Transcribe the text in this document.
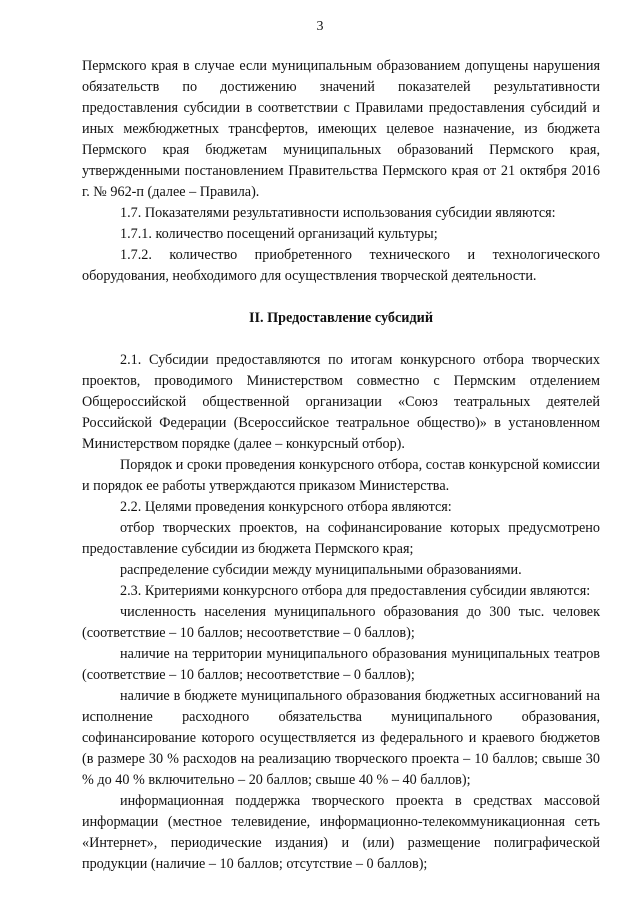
3

Пермского края в случае если муниципальным образованием допущены нарушения обязательств по достижению значений показателей результативности предоставления субсидии в соответствии с Правилами предоставления субсидий и иных межбюджетных трансфертов, имеющих целевое назначение, из бюджета Пермского края бюджетам муниципальных образований Пермского края, утвержденными постановлением Правительства Пермского края от 21 октября 2016 г. № 962-п (далее – Правила).

1.7. Показателями результативности использования субсидии являются:

1.7.1. количество посещений организаций культуры;

1.7.2. количество приобретенного технического и технологического оборудования, необходимого для осуществления творческой деятельности.

II. Предоставление субсидий

2.1. Субсидии предоставляются по итогам конкурсного отбора творческих проектов, проводимого Министерством совместно с Пермским отделением Общероссийской общественной организации «Союз театральных деятелей Российской Федерации (Всероссийское театральное общество)» в установленном Министерством порядке (далее – конкурсный отбор).

Порядок и сроки проведения конкурсного отбора, состав конкурсной комиссии и порядок ее работы утверждаются приказом Министерства.

2.2. Целями проведения конкурсного отбора являются:

отбор творческих проектов, на софинансирование которых предусмотрено предоставление субсидии из бюджета Пермского края;

распределение субсидии между муниципальными образованиями.

2.3. Критериями конкурсного отбора для предоставления субсидии являются:

численность населения муниципального образования до 300 тыс. человек (соответствие – 10 баллов; несоответствие – 0 баллов);

наличие на территории муниципального образования муниципальных театров (соответствие – 10 баллов; несоответствие – 0 баллов);

наличие в бюджете муниципального образования бюджетных ассигнований на исполнение расходного обязательства муниципального образования, софинансирование которого осуществляется из федерального и краевого бюджетов (в размере 30 % расходов на реализацию творческого проекта – 10 баллов; свыше 30 % до 40 % включительно – 20 баллов; свыше 40 % – 40 баллов);

информационная поддержка творческого проекта в средствах массовой информации (местное телевидение, информационно-телекоммуникационная сеть «Интернет», периодические издания) и (или) размещение полиграфической продукции (наличие – 10 баллов; отсутствие – 0 баллов);
